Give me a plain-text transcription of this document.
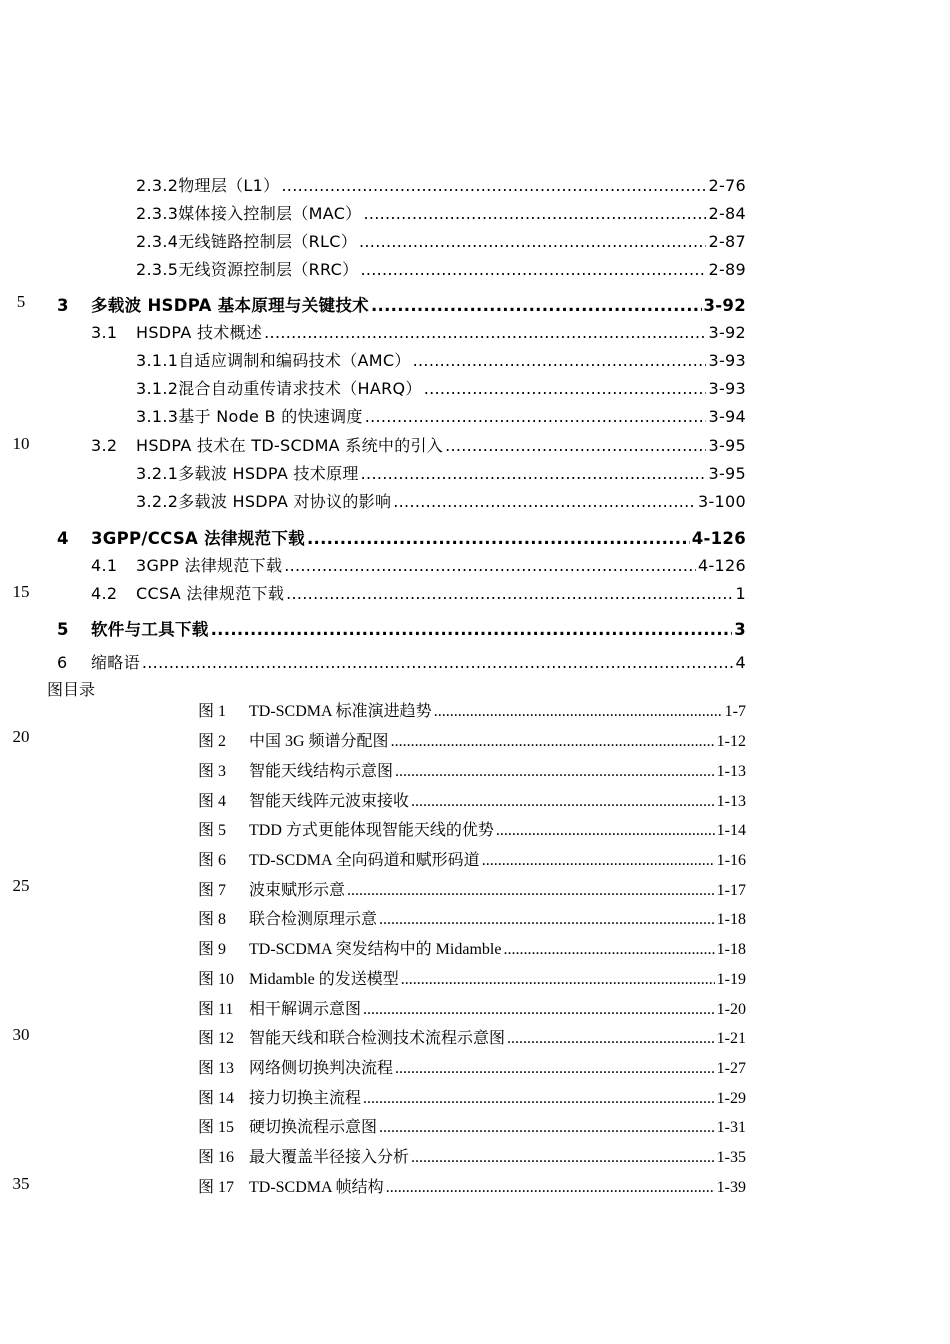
5
10
15
20
25
30
35
2.3.2 物理层（L1） .....	2-76
2.3.3 媒体接入控制层（MAC） .....	2-84
2.3.4 无线链路控制层（RLC） .....	2-87
2.3.5 无线资源控制层（RRC） .....	2-89
3	多载波 HSDPA 基本原理与关键技术 .....	3-92
3.1	HSDPA 技术概述 .....	3-92
3.1.1 自适应调制和编码技术（AMC） .....	3-93
3.1.2 混合自动重传请求技术（HARQ） .....	3-93
3.1.3 基于 Node B 的快速调度 .....	3-94
3.2	HSDPA 技术在 TD-SCDMA 系统中的引入 .....	3-95
3.2.1 多载波 HSDPA 技术原理 .....	3-95
3.2.2 多载波 HSDPA 对协议的影响 .....	3-100
4	3GPP/CCSA 法律规范下载 .....	4-126
4.1	3GPP 法律规范下载 .....	4-126
4.2	CCSA 法律规范下载 .....	1
5	软件与工具下载 .....	3
6	缩略语 .....	4
图目录
图 1	TD-SCDMA 标准演进趋势 .....	1-7
图 2	中国 3G 频谱分配图 .....	1-12
图 3	智能天线结构示意图 .....	1-13
图 4	智能天线阵元波束接收 .....	1-13
图 5	TDD 方式更能体现智能天线的优势 .....	1-14
图 6	TD-SCDMA 全向码道和赋形码道 .....	1-16
图 7	波束赋形示意 .....	1-17
图 8	联合检测原理示意 .....	1-18
图 9	TD-SCDMA 突发结构中的 Midamble .....	1-18
图 10 Midamble 的发送模型 .....	1-19
图 11 相干解调示意图 .....	1-20
图 12 智能天线和联合检测技术流程示意图 .....	1-21
图 13 网络侧切换判决流程 .....	1-27
图 14 接力切换主流程 .....	1-29
图 15 硬切换流程示意图 .....	1-31
图 16 最大覆盖半径接入分析 .....	1-35
图 17 TD-SCDMA 帧结构 .....	1-39
